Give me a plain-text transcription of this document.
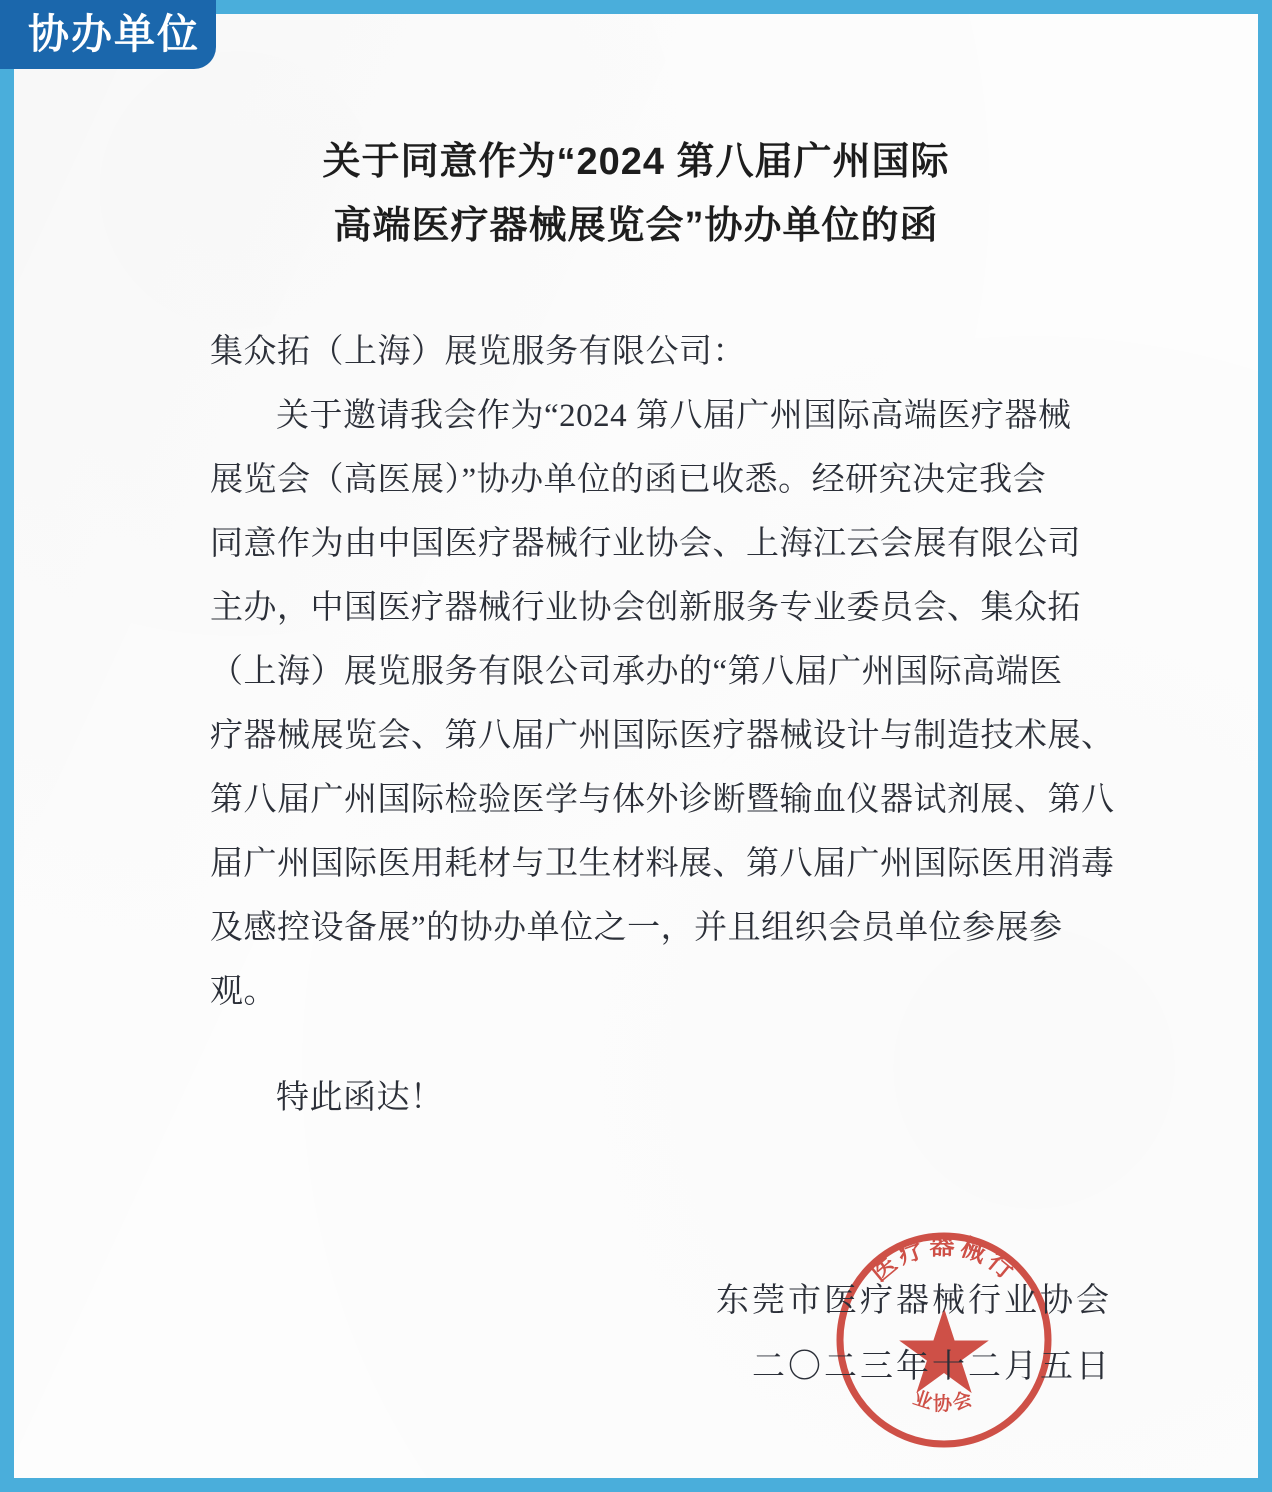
关于同意作为“2024 第八届广州国际
高端医疗器械展览会”协办单位的函
集众拓（上海）展览服务有限公司：
关于邀请我会作为“2024 第八届广州国际高端医疗器械
展览会（高医展）”协办单位的函已收悉。经研究决定我会
同意作为由中国医疗器械行业协会、上海江云会展有限公司
主办，中国医疗器械行业协会创新服务专业委员会、集众拓
（上海）展览服务有限公司承办的“第八届广州国际高端医
疗器械展览会、第八届广州国际医疗器械设计与制造技术展、
第八届广州国际检验医学与体外诊断暨输血仪器试剂展、第八
届广州国际医用耗材与卫生材料展、第八届广州国际医用消毒
及感控设备展”的协办单位之一，并且组织会员单位参展参
观。
特此函达！
医疗器械行
业协会
东莞市医疗器械行业协会
二〇二三年十二月五日
协办单位
